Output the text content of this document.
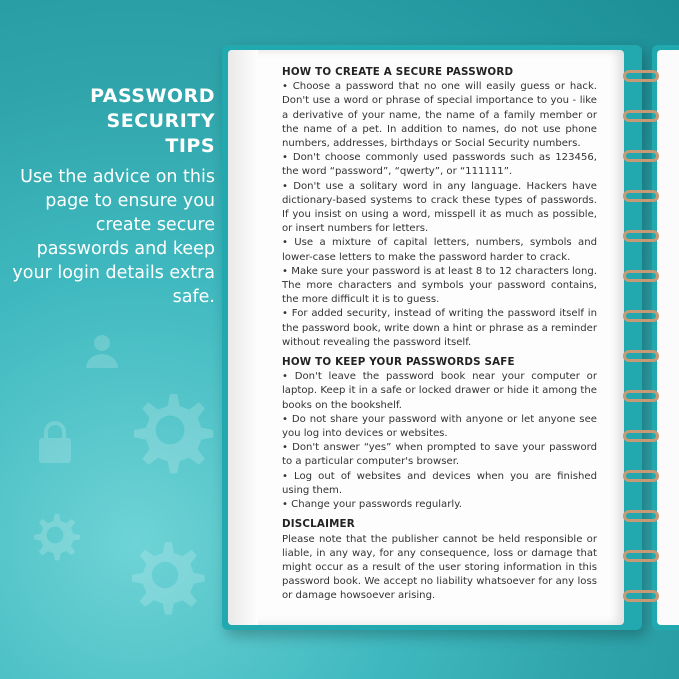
PASSWORD
SECURITY
TIPS

Use the advice on this page to ensure you create secure passwords and keep your login details extra safe.

HOW TO CREATE A SECURE PASSWORD

• Choose a password that no one will easily guess or hack. Don't use a word or phrase of special importance to you - like a derivative of your name, the name of a family member or the name of a pet. In addition to names, do not use phone numbers, addresses, birthdays or Social Security numbers.

• Don't choose commonly used passwords such as 123456, the word “password”, “qwerty”, or “111111”.

• Don't use a solitary word in any language. Hackers have dictionary-based systems to crack these types of passwords. If you insist on using a word, misspell it as much as possible, or insert numbers for letters.

• Use a mixture of capital letters, numbers, symbols and lower-case letters to make the password harder to crack.

• Make sure your password is at least 8 to 12 characters long. The more characters and symbols your password contains, the more difficult it is to guess.

• For added security, instead of writing the password itself in the password book, write down a hint or phrase as a reminder without revealing the password itself.

HOW TO KEEP YOUR PASSWORDS SAFE

• Don't leave the password book near your computer or laptop. Keep it in a safe or locked drawer or hide it among the books on the bookshelf.

• Do not share your password with anyone or let anyone see you log into devices or websites.

• Don't answer “yes” when prompted to save your password to a particular computer's browser.

• Log out of websites and devices when you are finished using them.

• Change your passwords regularly.

DISCLAIMER

Please note that the publisher cannot be held responsible or liable, in any way, for any consequence, loss or damage that might occur as a result of the user storing information in this password book. We accept no liability whatsoever for any loss or damage howsoever arising.
